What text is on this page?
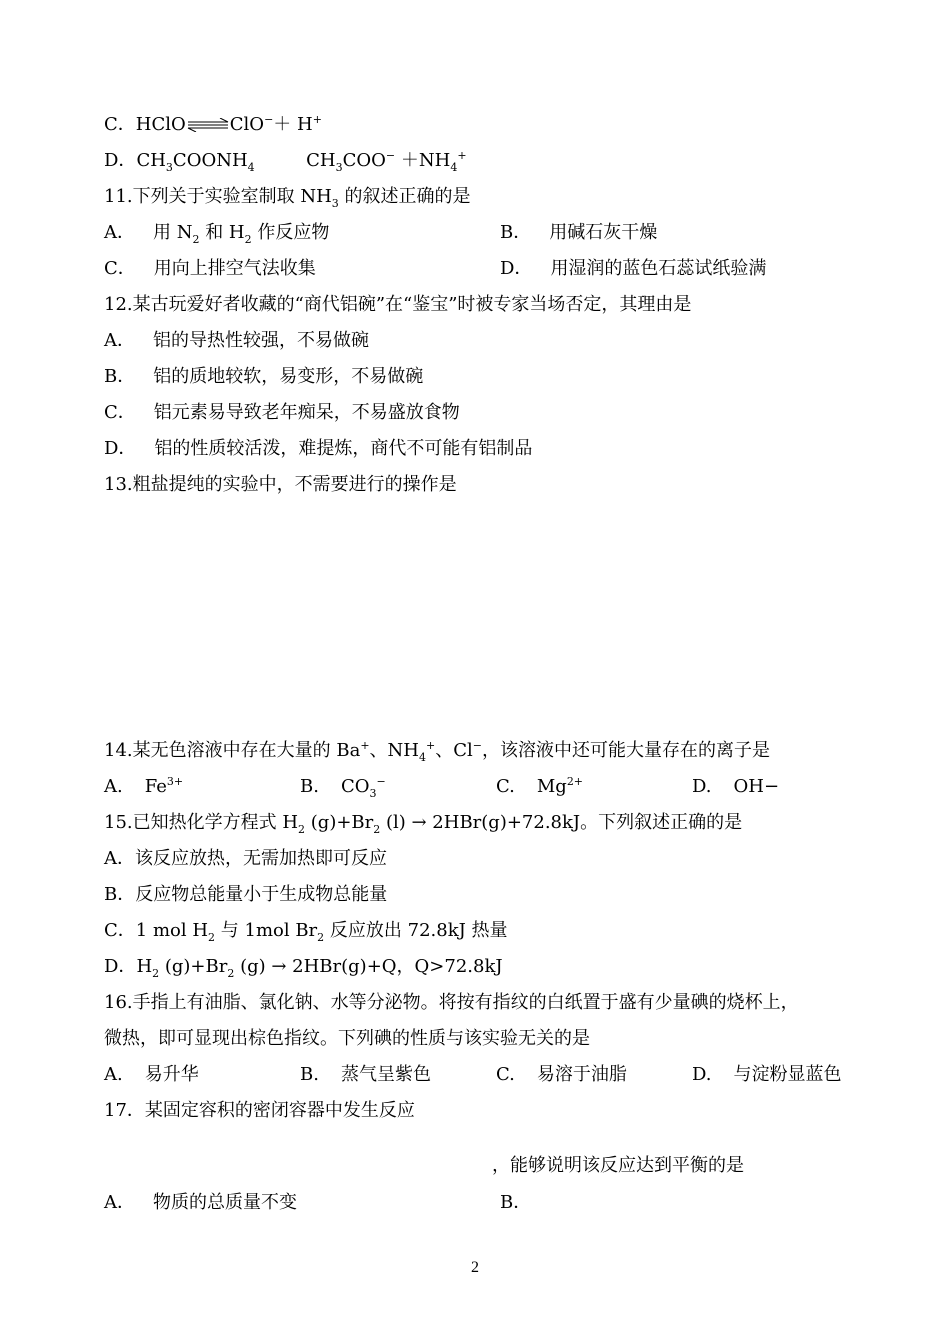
C．HClO ClO−＋ H+
D．$CH_3COONH_4$	$CH_3COO^- +NH_4^+$
11.下列关于实验室制取 $NH_3$ 的叙述正确的是
A． 用 $N_2$ 和 $H_2$ 作反应物	B． 用碱石灰干燥
C． 用向上排空气法收集	D． 用湿润的蓝色石蕊试纸验满
12.某古玩爱好者收藏的“商代铝碗”在“鉴宝”时被专家当场否定，其理由是
A． 铝的导热性较强，不易做碗
B． 铝的质地较软，易变形，不易做碗
C． 铝元素易导致老年痴呆，不易盛放食物
D． 铝的性质较活泼，难提炼，商代不可能有铝制品
13.粗盐提纯的实验中，不需要进行的操作是
14.某无色溶液中存在大量的 Ba+、$NH_4^+$、Cl−，该溶液中还可能大量存在的离子是
A. $Fe^{3+}$	B. $CO_3^-$	C. $Mg^{2+}$	D. OH−
15.已知热化学方程式 $H_2$ $(g)+Br_2$ (l) → 2HBr(g)+72.8kJ。下列叙述正确的是
A．该反应放热，无需加热即可反应
B．反应物总能量小于生成物总能量
C．1 mol $H_2$ 与 1mol $Br_2$ 反应放出 72.8kJ 热量
D．$H_2$ $(g)+Br_2$ (g) → 2HBr(g)+Q，Q>72.8kJ
16.手指上有油脂、氯化钠、水等分泌物。将按有指纹的白纸置于盛有少量碘的烧杯上，
微热，即可显现出棕色指纹。下列碘的性质与该实验无关的是
A. 易升华	B. 蒸气呈紫色	C. 易溶于油脂	D. 与淀粉显蓝色
17．某固定容积的密闭容器中发生反应
，能够说明该反应达到平衡的是
A． 物质的总质量不变	B．
2
